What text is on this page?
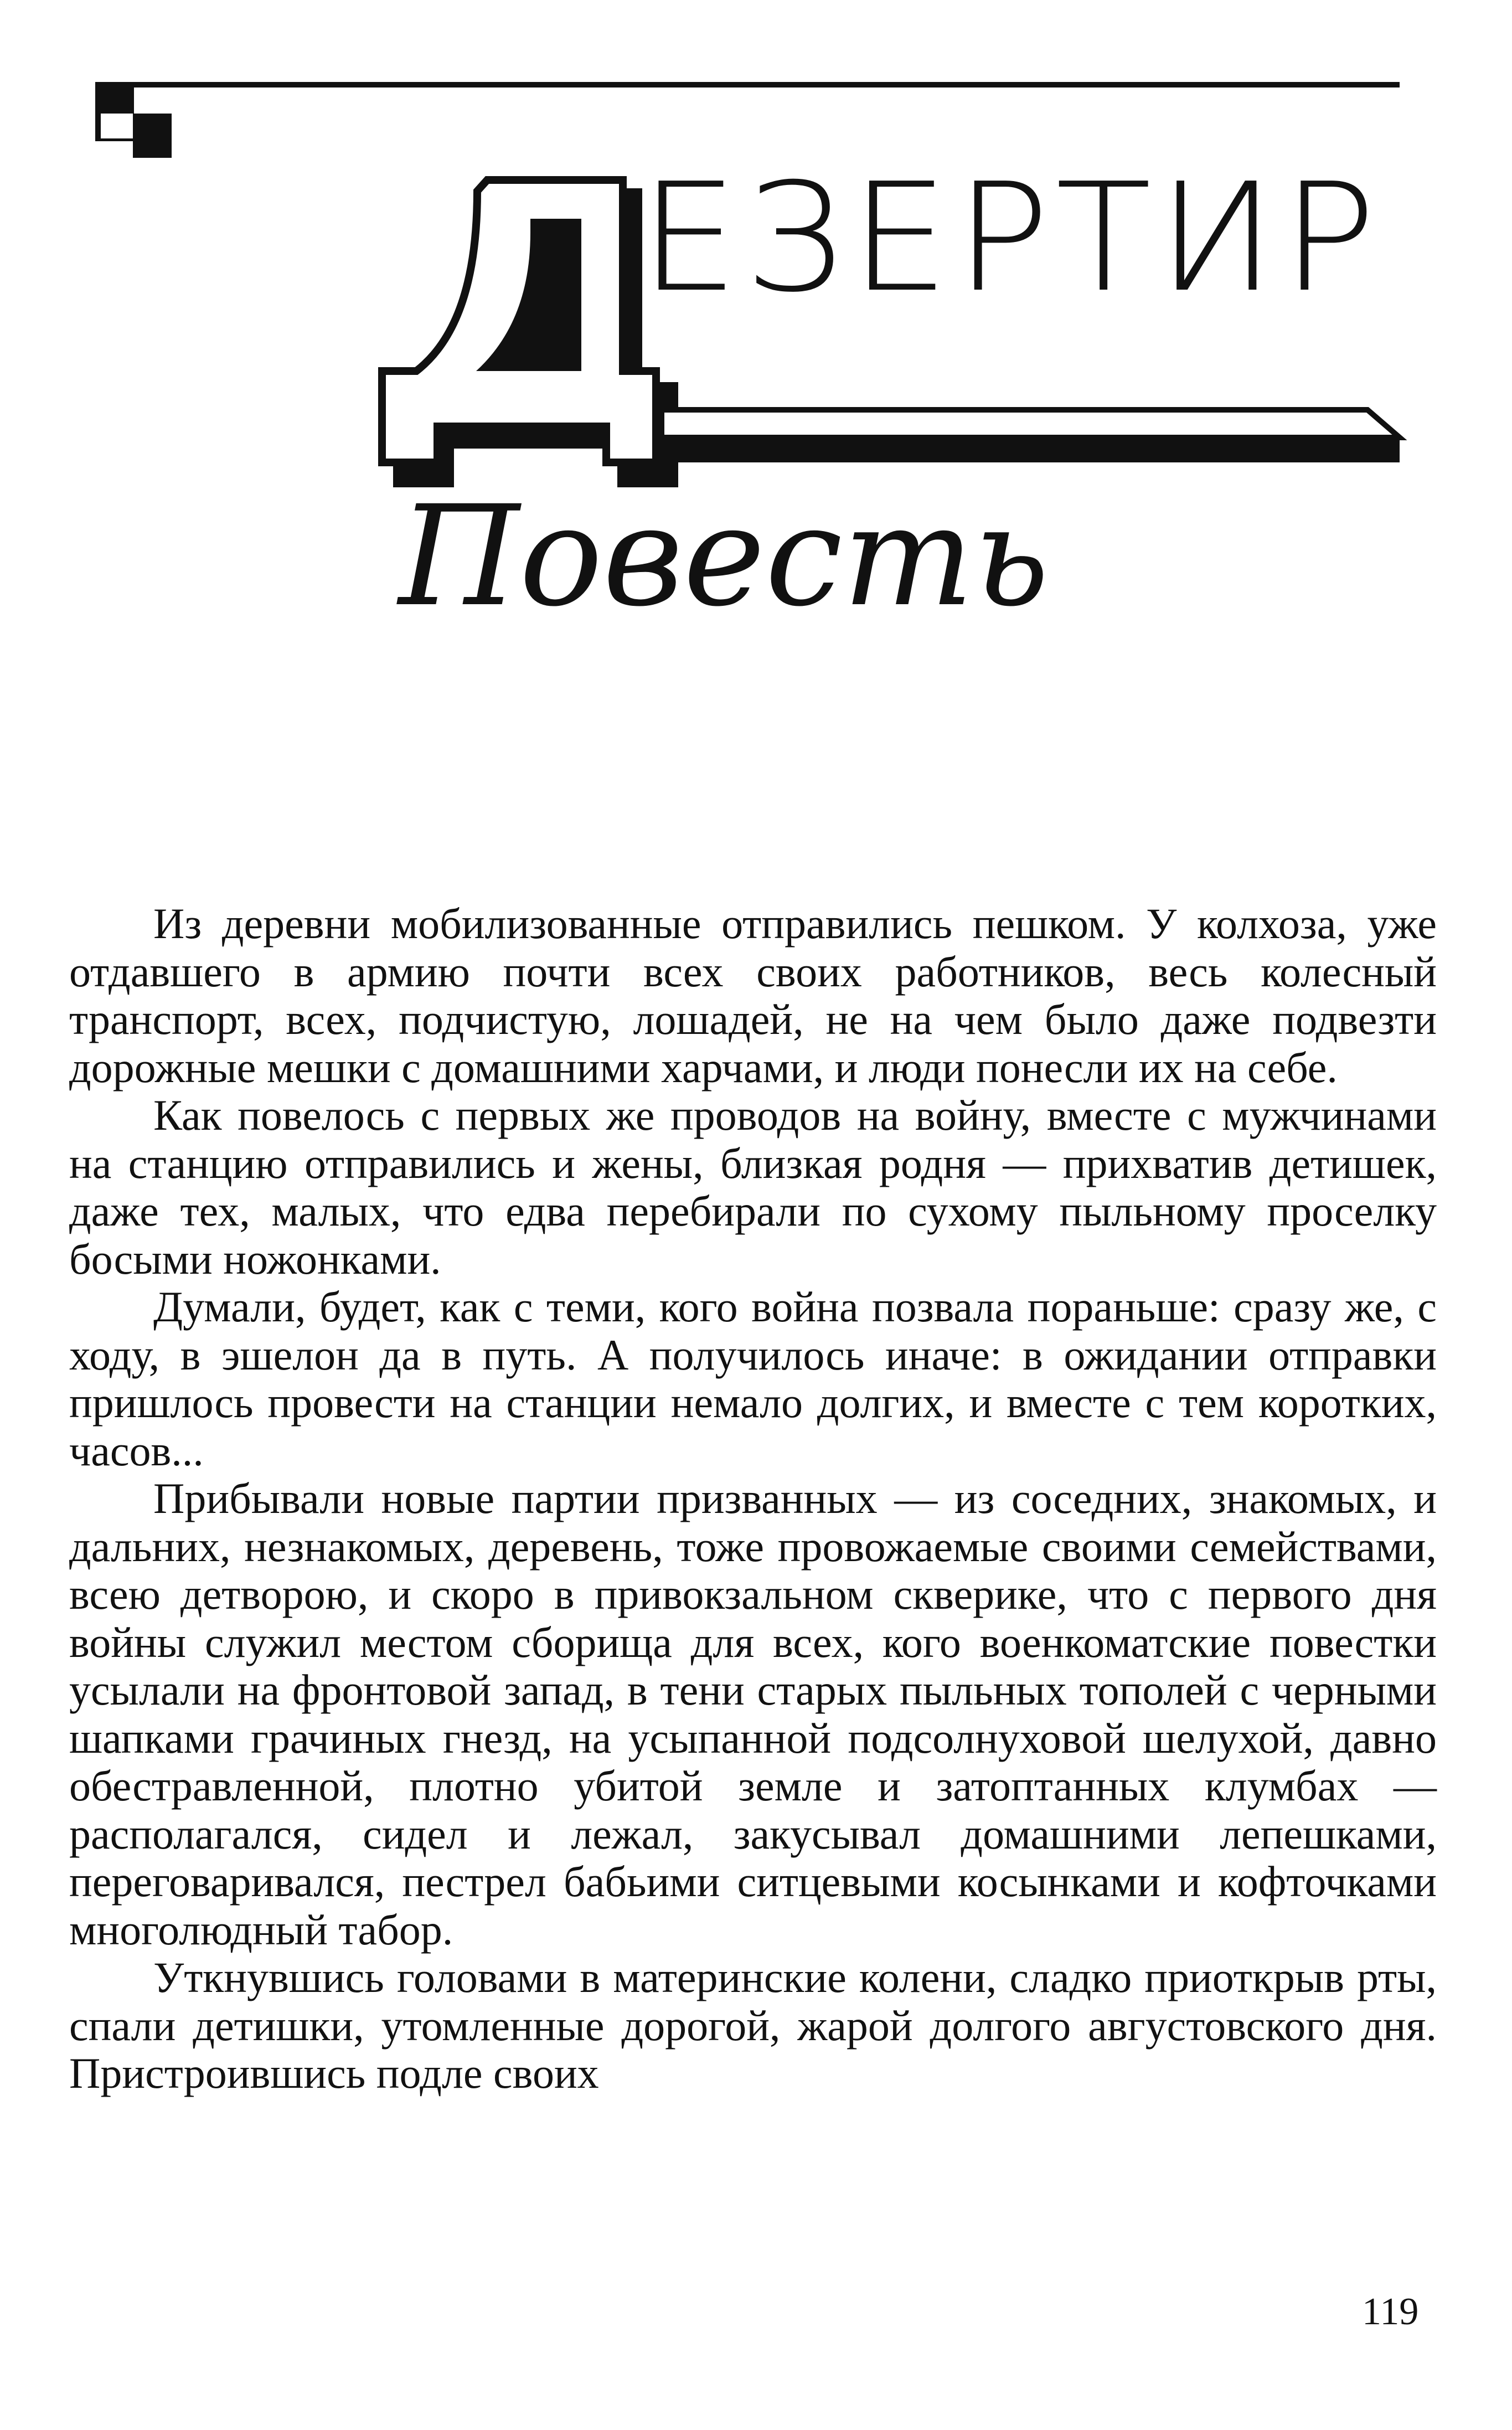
ЕЗЕРТИР
Повесть

Из деревни мобилизованные отправились пешком. У колхоза, уже отдавшего в армию почти всех своих работников, весь колесный транспорт, всех, подчистую, лошадей, не на чем было даже подвезти дорожные мешки с домашними харчами, и люди понесли их на себе.

Как повелось с первых же проводов на войну, вместе с мужчинами на станцию отправились и жены, близкая родня — прихватив детишек, даже тех, малых, что едва перебирали по сухому пыльному проселку босыми ножонками.

Думали, будет, как с теми, кого война позвала пораньше: сразу же, с ходу, в эшелон да в путь. А получилось иначе: в ожидании отправки пришлось провести на станции немало долгих, и вместе с тем коротких, часов...

Прибывали новые партии призванных — из соседних, знакомых, и дальних, незнакомых, деревень, тоже провожаемые своими семействами, всею детворою, и скоро в привокзальном скверике, что с первого дня войны служил местом сборища для всех, кого военкоматские повестки усылали на фронтовой запад, в тени старых пыльных тополей с черными шапками грачиных гнезд, на усыпанной подсолнуховой шелухой, давно обестравленной, плотно убитой земле и затоптанных клумбах — располагался, сидел и лежал, закусывал домашними лепешками, переговаривался, пестрел бабьими ситцевыми косынками и кофточками многолюдный табор.

Уткнувшись головами в материнские колени, сладко приоткрыв рты, спали детишки, утомленные дорогой, жарой долгого августовского дня. Пристроившись подле своих

119
